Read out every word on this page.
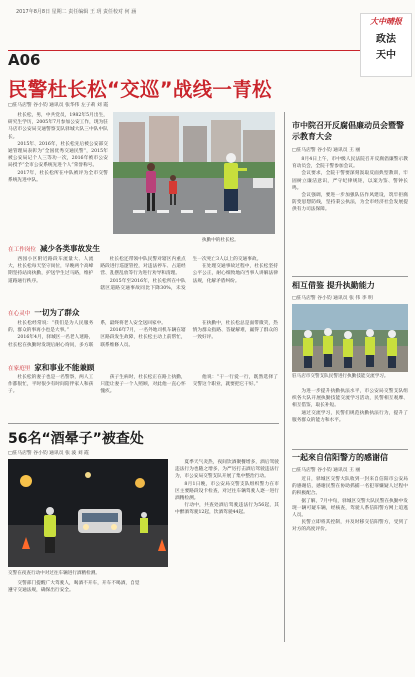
2017年8月8日 星期二 责任编辑 王 玥 责任校对 何 涵
A06
大中晴报
政法
天中
民警杜长松“交巡”战线一青松
□驻马店警 谷小钧 通讯员 张华伟 左子莉 刘 霞

杜长松，男，中共党员，1982年5月出生，研究生学历，2005年7月参加公安工作，现为驻马店市公安局交通警察支队驿城大队三中队中队长。

2015年、2016年，杜长松先后被公安部交通管理局表彰为“全国优秀交通民警”，2015年被公安局记个人三等功一次，2016年被市公安局授予“全市公安系统先进个人”荣誉称号。

2017年，杜长松所在中队被评为全市交警系统先进中队。

执勤中的杜长松。
在工作岗位 减少各类事故发生

西园小区附近路段车流量大、人流大，杜长松每天坚守岗位，早晚两个高峰期坚持站岗执勤，护送学生过马路，维护道路通行秩序。

杜长松还带领中队民警对辖区内重点路段进行巡逻管控，对违法停车、占道经营、乱摆乱放等行为进行劝导和清理。

2015年至2016年，杜长松所在中队辖区道路交通事故同比下降30%，未发生一次死亡3人以上的交通事故。

在处理交通事故过程中，杜长松坚持公平公正，耐心细致地向当事人讲解法律法规，化解矛盾纠纷。

在心灵中 一切为了群众

杜长松经常说：“我们是为人民服务的，群众的事再小也是大事。”

2016年4月，驿城区一名老人迷路，杜长松在执勤时发现后耐心询问，多方联系，最终将老人安全送回家中。

2016年7月，一名外地司机车辆在辖区路段发生故障，杜长松主动上前帮忙，联系维修人员。

在执勤中，杜长松总是面带微笑，热情为群众指路、答疑解难，赢得了群众的一致好评。

在家庭里 家和事业不能兼顾

杜长松的妻子也是一名警察，两人工作都很忙，平时很少有时间陪伴家人和孩子。

孩子生病时，杜长松正在路上执勤，只能让妻子一个人照顾，对此他一直心怀愧疚。

他说：“干一行爱一行，既然选择了交警这个职业，就要把它干好。”

56名“酒晕子”被查处
□驻马店警 谷小钧 通讯员 张 波 刘 霞
交警在夜查行动中对过往车辆进行酒精检测。

夏季天气炎热，夜间饮酒聚餐增多，酒后驾驶违法行为也随之增多，为严厉打击酒后驾驶违法行为，市公安局交警支队开展了集中整治行动。

8月1日晚，市公安局交警支队组织警力在市区主要路段设卡检查，对过往车辆驾驶人逐一进行酒精检测。

行动中，共查处酒后驾驶违法行为56起，其中醉酒驾驶12起，饮酒驾驶44起。

交警部门提醒广大驾驶人，喝酒不开车，开车不喝酒，自觉遵守交通法规，确保出行安全。

市中院召开反腐倡廉动员会暨警示教育大会
□驻马店警 谷小钧 通讯员 王 丽

8月4日上午，市中级人民法院召开反腐倡廉警示教育动员会，全院干警参加会议。

会议要求，全院干警要深刻汲取反面典型教训，牢固树立廉洁意识，严守纪律规矩，以案为鉴、警钟长鸣。

会议强调，要进一步加强队伍作风建设，筑牢拒腐防变思想防线，坚持秉公执法，为全市经济社会发展提供有力司法保障。

相互借鉴 提升执勤能力
□驻马店警 谷小钧 通讯员 张 伟 李 明
驻马店市交警支队民警进行执勤技能交流学习。

为进一步提升执勤执法水平，市公安局交警支队组织各大队开展执勤技能交流学习活动，民警相互观摩、相互借鉴，取长补短。

通过交流学习，民警们规范执勤执法行为，提升了服务群众的能力和水平。

一起來自信阳警方的感谢信
□驻马店警 谷小钧 通讯员 王 丽

近日，驿城区交警大队收到一封来自信阳市公安局的感谢信，感谢民警在协助抓捕一名犯罪嫌疑人过程中的积极配合。

据了解，7月中旬，驿城区交警大队民警在执勤中发现一辆可疑车辆，经核查，驾驶人系信阳警方网上追逃人员。

民警立即将其控制，并及时移交信阳警方，受到了对方的高度评价。
